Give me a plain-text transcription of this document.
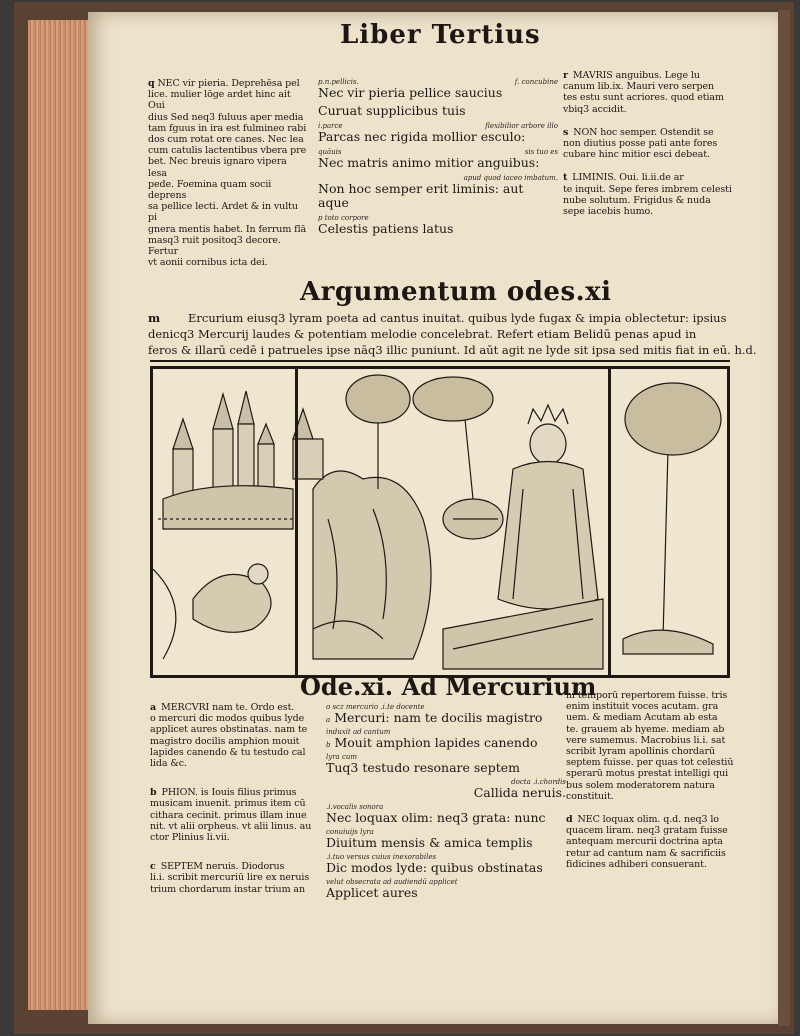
Liber Tertius
q NEC vir pieria. Deprehēsa pel
lice. mulier lōge ardet hinc ait Oui
dius Sed neq3 fuluus aper media
tam fguus in ira est fulmineo rabi
dos cum rotat ore canes. Nec lea
cum catulis lactentibus vbera pre
bet. Nec breuis ignaro vipera lesa
pede. Foemina quam socii deprens
sa pellice lecti. Ardet & in vultu pi
gnera mentis habet. In ferrum flā
masq3 ruit positoq3 decore. Fertur
vt aonii cornibus icta dei.
p.n.pellicis.	f. concubine
Nec vir pieria pellice saucius
Curuat supplicibus tuis
i.parce	flexibilior arbore illo
Parcas nec rigida mollior esculo:
quāuis	sis tuo es
Nec matris animo mitior anguibus:
apud quod iaceo imbatum.
Non hoc semper erit liminis: aut aque
p toto corpore
Celestis patiens latus
r MAVRIS anguibus. Lege lu
canum lib.ix. Mauri vero serpen
tes estu sunt acriores. quod etiam
vbiq3 accidit.
s NON hoc semper. Ostendit se
non diutius posse pati ante fores
cubare hinc mitior esci debeat.
t LIMINIS. Oui. li.ii.de ar
te inquit. Sepe feres imbrem celesti
nube solutum. Frigidus & nuda
sepe iacebis humo.
Argumentum odes.xi
m Ercurium eiusq3 lyram poeta ad cantus inuitat. quibus lyde fugax & impia oblectetur: ipsius
denicq3 Mercurij laudes & potentiam melodie concelebrat. Refert etiam Belidū penas apud in
feros & illarū cedē i patrueles ipse nāq3 illic puniunt. Id aūt agit ne lyde sit ipsa sed mitis fiat in eū. h.d.
Ode.xi. Ad Mercurium
a MERCVRI nam te. Ordo est.
o mercuri dic modos quibus lyde
applicet aures obstinatas. nam te
magistro docilis amphion mouit
lapides canendo & tu testudo cal
lida &c.
b PHION. is Iouis filius primus
musicam inuenit. primus item cū
cithara cecinit. primus illam inue
nit. vt alii orpheus. vt alii linus. au
ctor Plinius li.vii.
c SEPTEM neruis. Diodorus
li.i. scribit mercuriū lire ex neruis
trium chordarum instar trium an
o scz mercurio .i.te docente
a Mercuri: nam te docilis magistro
induxit ad cantum
b Mouit amphion lapides canendo
lyra cum
Tuq3 testudo resonare septem
docta .i.chordis
Callida neruis.
.i.vocalis sonora
Nec loquax olim: neq3 grata: nunc
conuiuijs lyra
Diuitum mensis & amica templis
.i.tuo versus cuius inexorabiles
Dic modos lyde: quibus obstinatas
velut obsecrata ad audiendū applicet
Applicet aures
ni temporū repertorem fuisse. tris
enim instituit voces acutam. gra
uem. & mediam Acutam ab esta
te. grauem ab hyeme. mediam ab
vere sumemus. Macrobius li.i. sat
scribit lyram apollinis chordarū
septem fuisse. per quas tot celestiū
sperarū motus prestat intelligi qui
bus solem moderatorem natura
constituit.
d NEC loquax olim. q.d. neq3 lo
quacem liram. neq3 gratam fuisse
antequam mercurii doctrina apta
retur ad cantum nam & sacrificiis
fidicines adhiberi consuerant.
